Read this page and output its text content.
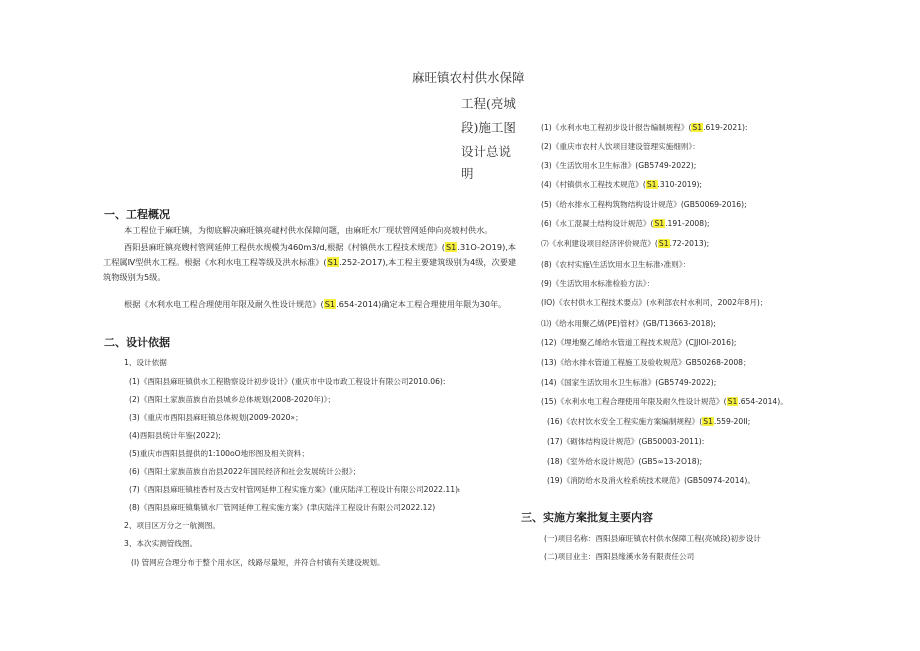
麻旺镇农村供水保障
工程(亮城
段)施工图
设计总说
明
一、工程概况
本工程位于麻旺镇，为彻底解决麻旺镇亮叇村供水保障问题，由麻旺水厂现状管网延伸向亮坡村供水。
酉阳县麻旺镇亮嫂村管网延伸工程供水规模为460m3/d,根据《村镇供水工程技术规范》(S1.31O-2O19),本工程属Ⅳ型供水工程。根据《水利水电工程等级及洪水标准》(S1.252-2O17),本工程主要建筑级别为4级，次要建筑物级别为5级。
根据《水利水电工程合理使用年限及耐久性设计规范》(S1.654-2014)确定本工程合理使用年限为30年。
二、设计依据
1、设计依据
(1)《酉阳县麻旺镇供水工程勘察设计初步设计》(重庆市中设市政工程设计有限公司2010.06):
(2)《酉阳土家族苗族自治县城乡总体规划(2008-2020年)》；
(3)《重庆市酉阳县麻旺镇总体规划(2009-2020»；
(4)酉阳县统计年鉴(2022);
(5)重庆市酉阳县提供的1:100oO地形图及相关资料；
(6)《酉阳土家族苗族自治县2022年国民经济和社会发展统计公报》；
(7)《酉阳县麻旺镇桂香村及古安村管网延伸工程实施方案》(重庆陆洋工程设计有限公司2022.11)ₜ
(8)《酉阳县麻旺镇集镇水厂管网延伸工程实施方案》(聿庆陆洋工程设计有限公司2022.12)
2、项目区万分之一航测图。
3、本次实测管线图。
(I) 管网应合理分布于整个用水区，线路尽量短，并符合村镇有关建设规划。
(1)《水利水电工程初步设计报告编制规程》(S1.619-2021):
(2)《重庆市农村人饮项目建设管理实施细则》：
(3)《生活饮用水卫生标准》(GB5749-2022);
(4)《村镇供水工程技术规范》(S1.310-2019);
(5)《给水排水工程构筑物结构设计规范》(GB50069-2016);
(6)《水工混凝土结构设计规范》(S1.191-2008);
⑺《水利建设项目经济评价规范》(S1.72-2013);
(8)《农村实施\生活饮用水卫生标准›准则》：
(9)《生活饮用水标准检验方法》：
(IO)《农村供水工程技术要点》(水利部农村水利司，2002年8月)；
⑴)《给水用聚乙烯(PE)管材》(GB/T13663-2018);
(12)《埋地聚乙烯给水管道工程技术规范》(CJJIOI-2016);
(13)《给水排水管道工程施工及验收规范》GB50268-2008；
(14)《国家生活饮用水卫生标准》(GB5749-2022);
(15)《水利水电工程合理使用年限及耐久性设计规范》(S1.654-2014)。
(16)《农村饮水安全工程实施方案编制规程》(S1.559-20II;
(17)《砌体结构设计规范》(GB50003-2011):
(18)《室外给水设计规范》(GB5∞13-2O18);
(19)《消防给水及消火栓系统技术规范》(GB50974-2014)。
三、实施方案批复主要内容
(一)项目名称：酉阳县麻旺镇农村供水保障工程(亮城段)初步设计
(二)项目业主：酉阳县缘溪水务有限责任公司
